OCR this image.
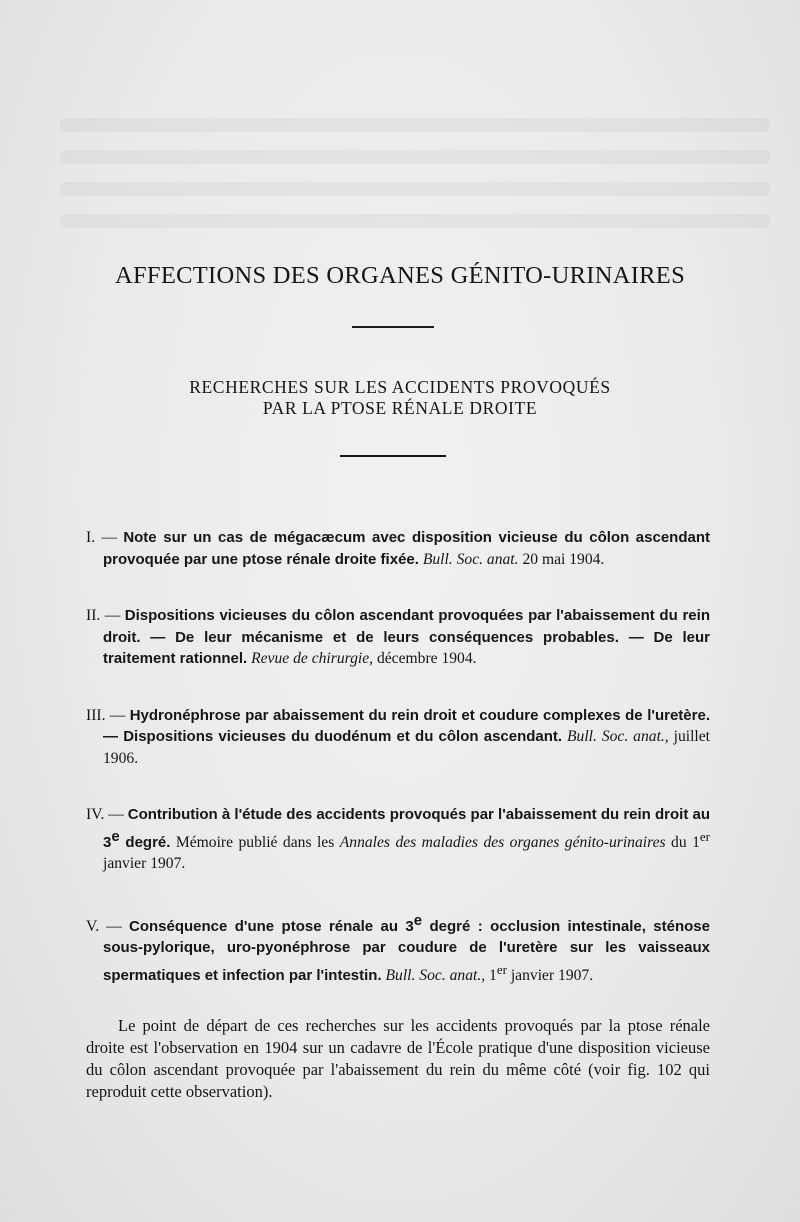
AFFECTIONS DES ORGANES GÉNITO-URINAIRES
RECHERCHES SUR LES ACCIDENTS PROVOQUÉS
PAR LA PTOSE RÉNALE DROITE
I. — Note sur un cas de mégacæcum avec disposition vicieuse du côlon ascendant provoquée par une ptose rénale droite fixée. Bull. Soc. anat. 20 mai 1904.
II. — Dispositions vicieuses du côlon ascendant provoquées par l'abaissement du rein droit. — De leur mécanisme et de leurs conséquences probables. — De leur traitement rationnel. Revue de chirurgie, décembre 1904.
III. — Hydronéphrose par abaissement du rein droit et coudure complexes de l'uretère. — Dispositions vicieuses du duodénum et du côlon ascendant. Bull. Soc. anat., juillet 1906.
IV. — Contribution à l'étude des accidents provoqués par l'abaissement du rein droit au 3e degré. Mémoire publié dans les Annales des maladies des organes génito-urinaires du 1er janvier 1907.
V. — Conséquence d'une ptose rénale au 3e degré : occlusion intestinale, sténose sous-pylorique, uro-pyonéphrose par coudure de l'uretère sur les vaisseaux spermatiques et infection par l'intestin. Bull. Soc. anat., 1er janvier 1907.

Le point de départ de ces recherches sur les accidents provoqués par la ptose rénale droite est l'observation en 1904 sur un cadavre de l'École pratique d'une disposition vicieuse du côlon ascendant provoquée par l'abaissement du rein du même côté (voir fig. 102 qui reproduit cette observation).
